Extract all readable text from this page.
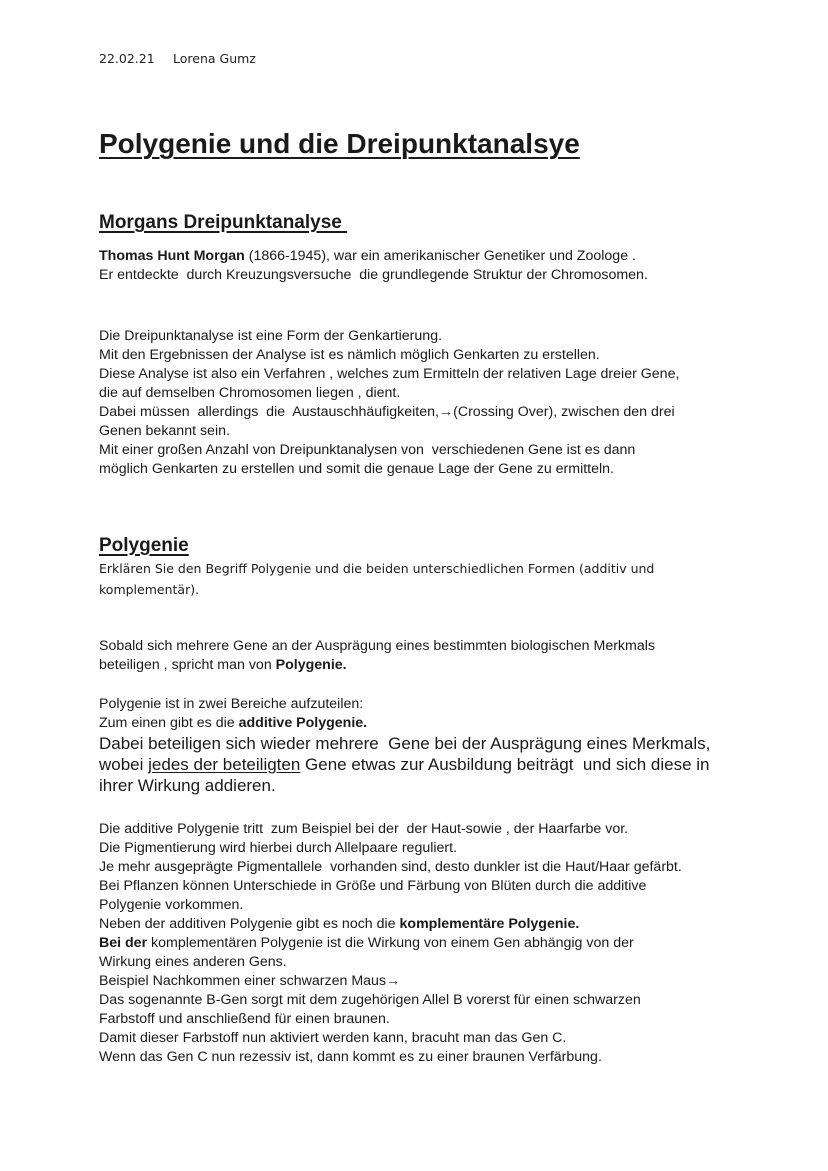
22.02.21 Lorena Gumz
Polygenie und die Dreipunktanalsye
Morgans Dreipunktanalyse
Thomas Hunt Morgan (1866-1945), war ein amerikanischer Genetiker und Zoologe .
Er entdeckte  durch Kreuzungsversuche  die grundlegende Struktur der Chromosomen.
Die Dreipunktanalyse ist eine Form der Genkartierung.
Mit den Ergebnissen der Analyse ist es nämlich möglich Genkarten zu erstellen.
Diese Analyse ist also ein Verfahren , welches zum Ermitteln der relativen Lage dreier Gene,
die auf demselben Chromosomen liegen , dient.
Dabei müssen  allerdings  die  Austauschhäufigkeiten,→(Crossing Over), zwischen den drei
Genen bekannt sein.
Mit einer großen Anzahl von Dreipunktanalysen von  verschiedenen Gene ist es dann
möglich Genkarten zu erstellen und somit die genaue Lage der Gene zu ermitteln.
Polygenie
Erklären Sie den Begriff Polygenie und die beiden unterschiedlichen Formen (additiv und
komplementär).
Sobald sich mehrere Gene an der Ausprägung eines bestimmten biologischen Merkmals
beteiligen , spricht man von Polygenie.
Polygenie ist in zwei Bereiche aufzuteilen:
Zum einen gibt es die additive Polygenie.
Dabei beteiligen sich wieder mehrere  Gene bei der Ausprägung eines Merkmals,
wobei jedes der beteiligten Gene etwas zur Ausbildung beiträgt  und sich diese in
ihrer Wirkung addieren.
Die additive Polygenie tritt  zum Beispiel bei der  der Haut-sowie , der Haarfarbe vor.
Die Pigmentierung wird hierbei durch Allelpaare reguliert.
Je mehr ausgeprägte Pigmentallele  vorhanden sind, desto dunkler ist die Haut/Haar gefärbt.
Bei Pflanzen können Unterschiede in Größe und Färbung von Blüten durch die additive
Polygenie vorkommen.
Neben der additiven Polygenie gibt es noch die komplementäre Polygenie.
Bei der komplementären Polygenie ist die Wirkung von einem Gen abhängig von der
Wirkung eines anderen Gens.
Beispiel Nachkommen einer schwarzen Maus→
Das sogenannte B-Gen sorgt mit dem zugehörigen Allel B vorerst für einen schwarzen
Farbstoff und anschließend für einen braunen.
Damit dieser Farbstoff nun aktiviert werden kann, bracuht man das Gen C.
Wenn das Gen C nun rezessiv ist, dann kommt es zu einer braunen Verfärbung.
